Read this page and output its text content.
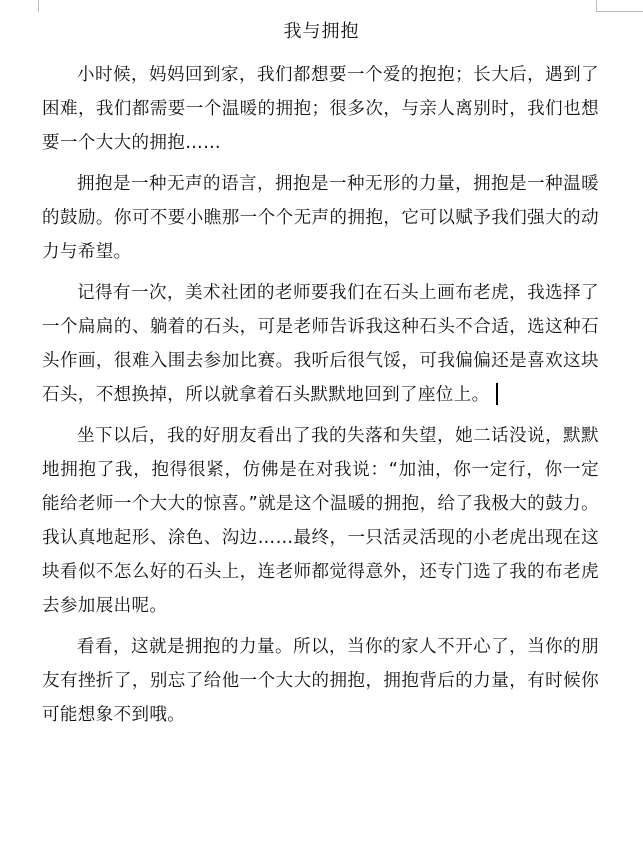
我与拥抱

小时候，妈妈回到家，我们都想要一个爱的抱抱；长大后，遇到了困难，我们都需要一个温暖的拥抱；很多次，与亲人离别时，我们也想要一个大大的拥抱……

拥抱是一种无声的语言，拥抱是一种无形的力量，拥抱是一种温暖的鼓励。你可不要小瞧那一个个无声的拥抱，它可以赋予我们强大的动力与希望。

记得有一次，美术社团的老师要我们在石头上画布老虎，我选择了一个扁扁的、躺着的石头，可是老师告诉我这种石头不合适，选这种石头作画，很难入围去参加比赛。我听后很气馁，可我偏偏还是喜欢这块石头，不想换掉，所以就拿着石头默默地回到了座位上。

坐下以后，我的好朋友看出了我的失落和失望，她二话没说，默默地拥抱了我，抱得很紧，仿佛是在对我说：“加油，你一定行，你一定能给老师一个大大的惊喜。”就是这个温暖的拥抱，给了我极大的鼓力。我认真地起形、涂色、沟边……最终，一只活灵活现的小老虎出现在这块看似不怎么好的石头上，连老师都觉得意外，还专门选了我的布老虎去参加展出呢。

看看，这就是拥抱的力量。所以，当你的家人不开心了，当你的朋友有挫折了，别忘了给他一个大大的拥抱，拥抱背后的力量，有时候你可能想象不到哦。
